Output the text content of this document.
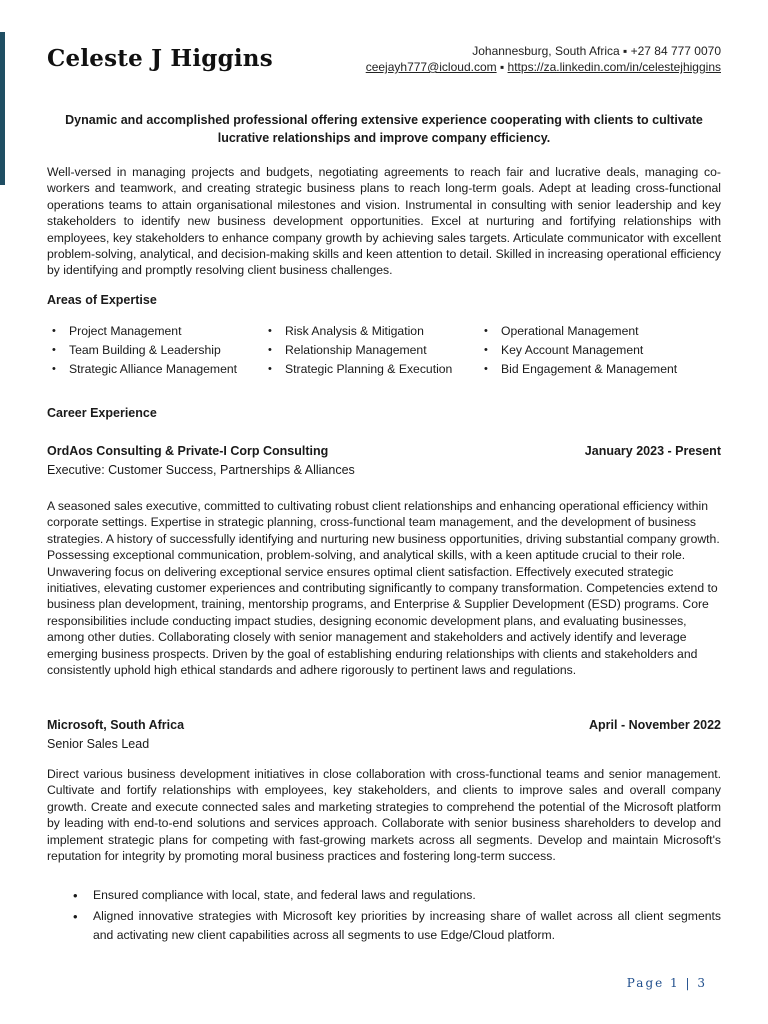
Celeste J Higgins	Johannesburg, South Africa ▪ +27 84 777 0070
ceejayh777@icloud.com ▪ https://za.linkedin.com/in/celestejhiggins
Dynamic and accomplished professional offering extensive experience cooperating with clients to cultivate lucrative relationships and improve company efficiency.
Well-versed in managing projects and budgets, negotiating agreements to reach fair and lucrative deals, managing co-workers and teamwork, and creating strategic business plans to reach long-term goals. Adept at leading cross-functional operations teams to attain organisational milestones and vision. Instrumental in consulting with senior leadership and key stakeholders to identify new business development opportunities. Excel at nurturing and fortifying relationships with employees, key stakeholders to enhance company growth by achieving sales targets. Articulate communicator with excellent problem-solving, analytical, and decision-making skills and keen attention to detail. Skilled in increasing operational efficiency by identifying and promptly resolving client business challenges.
Areas of Expertise
• Project Management
• Team Building & Leadership
• Strategic Alliance Management
• Risk Analysis & Mitigation
• Relationship Management
• Strategic Planning & Execution
• Operational Management
• Key Account Management
• Bid Engagement & Management
Career Experience
OrdAos Consulting & Private-I Corp Consulting	January 2023 - Present
Executive: Customer Success, Partnerships & Alliances
A seasoned sales executive, committed to cultivating robust client relationships and enhancing operational efficiency within corporate settings. Expertise in strategic planning, cross-functional team management, and the development of business strategies. A history of successfully identifying and nurturing new business opportunities, driving substantial company growth. Possessing exceptional communication, problem-solving, and analytical skills, with a keen aptitude crucial to their role. Unwavering focus on delivering exceptional service ensures optimal client satisfaction. Effectively executed strategic initiatives, elevating customer experiences and contributing significantly to company transformation. Competencies extend to business plan development, training, mentorship programs, and Enterprise & Supplier Development (ESD) programs. Core responsibilities include conducting impact studies, designing economic development plans, and evaluating businesses, among other duties. Collaborating closely with senior management and stakeholders and actively identify and leverage emerging business prospects. Driven by the goal of establishing enduring relationships with clients and stakeholders and consistently uphold high ethical standards and adhere rigorously to pertinent laws and regulations.
Microsoft, South Africa	April - November 2022
Senior Sales Lead
Direct various business development initiatives in close collaboration with cross-functional teams and senior management. Cultivate and fortify relationships with employees, key stakeholders, and clients to improve sales and overall company growth. Create and execute connected sales and marketing strategies to comprehend the potential of the Microsoft platform by leading with end-to-end solutions and services approach. Collaborate with senior business shareholders to develop and implement strategic plans for competing with fast-growing markets across all segments. Develop and maintain Microsoft's reputation for integrity by promoting moral business practices and fostering long-term success.
• Ensured compliance with local, state, and federal laws and regulations.
• Aligned innovative strategies with Microsoft key priorities by increasing share of wallet across all client segments and activating new client capabilities across all segments to use Edge/Cloud platform.
Page 1 | 3
